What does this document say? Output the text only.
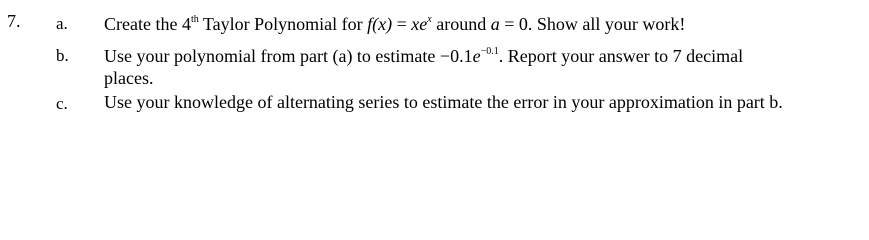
7. a. Create the 4th Taylor Polynomial for $f(x) = xe^x$ around a = 0. Show all your work!
b. Use your polynomial from part (a) to estimate $-0.1e^{-0.1}$. Report your answer to 7 decimal
places.
c. Use your knowledge of alternating series to estimate the error in your approximation in part b.
